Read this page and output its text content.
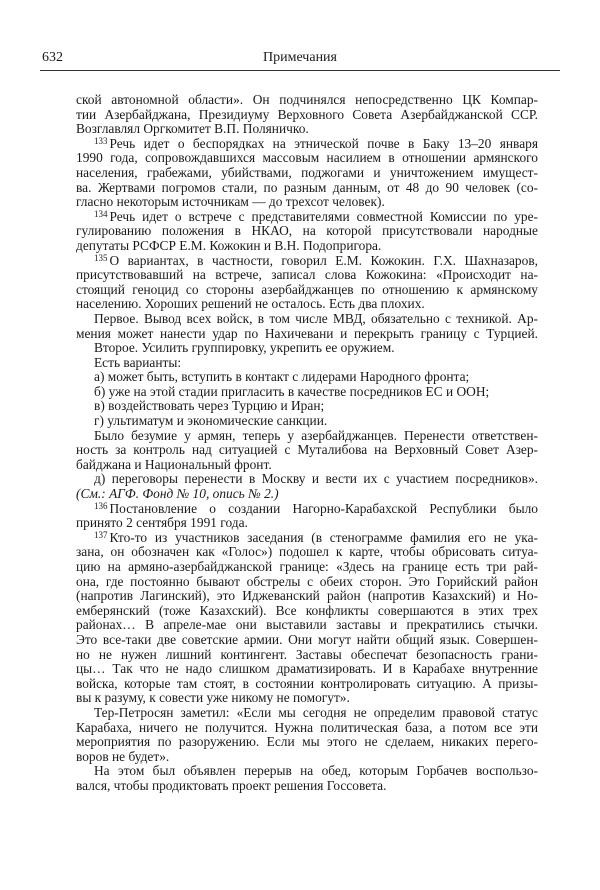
632	Примечания
ской автономной области». Он подчинялся непосредственно ЦК Компар-
тии Азербайджана, Президиуму Верховного Совета Азербайджанской ССР.
Возглавлял Оргкомитет В.П. Поляничко.
$^{133}$ Речь идет о беспорядках на этнической почве в Баку 13–20 января
1990 года, сопровождавшихся массовым насилием в отношении армянского
населения, грабежами, убийствами, поджогами и уничтожением имущест-
ва. Жертвами погромов стали, по разным данным, от 48 до 90 человек (со-
гласно некоторым источникам — до трехсот человек).
$^{134}$ Речь идет о встрече с представителями совместной Комиссии по уре-
гулированию положения в НКАО, на которой присутствовали народные
депутаты РСФСР Е.М. Кожокин и В.Н. Подопригора.
$^{135}$ О вариантах, в частности, говорил Е.М. Кожокин. Г.Х. Шахназаров,
присутствовавший на встрече, записал слова Кожокина: «Происходит на-
стоящий геноцид со стороны азербайджанцев по отношению к армянскому
населению. Хороших решений не осталось. Есть два плохих.
Первое. Вывод всех войск, в том числе МВД, обязательно с техникой. Ар-
мения может нанести удар по Нахичевани и перекрыть границу с Турцией.
Второе. Усилить группировку, укрепить ее оружием.
Есть варианты:
а) может быть, вступить в контакт с лидерами Народного фронта;
б) уже на этой стадии пригласить в качестве посредников ЕС и ООН;
в) воздействовать через Турцию и Иран;
г) ультиматум и экономические санкции.
Было безумие у армян, теперь у азербайджанцев. Перенести ответствен-
ность за контроль над ситуацией с Муталибова на Верховный Совет Азер-
байджана и Национальный фронт.
д) переговоры перенести в Москву и вести их с участием посредников».
(См.: АГФ. Фонд № 10, опись № 2.)
$^{136}$ Постановление о создании Нагорно-Карабахской Республики было
принято 2 сентября 1991 года.
$^{137}$ Кто-то из участников заседания (в стенограмме фамилия его не ука-
зана, он обозначен как «Голос») подошел к карте, чтобы обрисовать ситуа-
цию на армяно-азербайджанской границе: «Здесь на границе есть три рай-
она, где постоянно бывают обстрелы с обеих сторон. Это Горийский район
(напротив Лагинский), это Иджеванский район (напротив Казахский) и Но-
емберянский (тоже Казахский). Все конфликты совершаются в этих трех
районах… В апреле-мае они выставили заставы и прекратились стычки.
Это все-таки две советские армии. Они могут найти общий язык. Совершен-
но не нужен лишний контингент. Заставы обеспечат безопасность грани-
цы… Так что не надо слишком драматизировать. И в Карабахе внутренние
войска, которые там стоят, в состоянии контролировать ситуацию. А призы-
вы к разуму, к совести уже никому не помогут».
Тер-Петросян заметил: «Если мы сегодня не определим правовой статус
Карабаха, ничего не получится. Нужна политическая база, а потом все эти
мероприятия по разоружению. Если мы этого не сделаем, никаких перего-
воров не будет».
На этом был объявлен перерыв на обед, которым Горбачев воспользо-
вался, чтобы продиктовать проект решения Госсовета.
